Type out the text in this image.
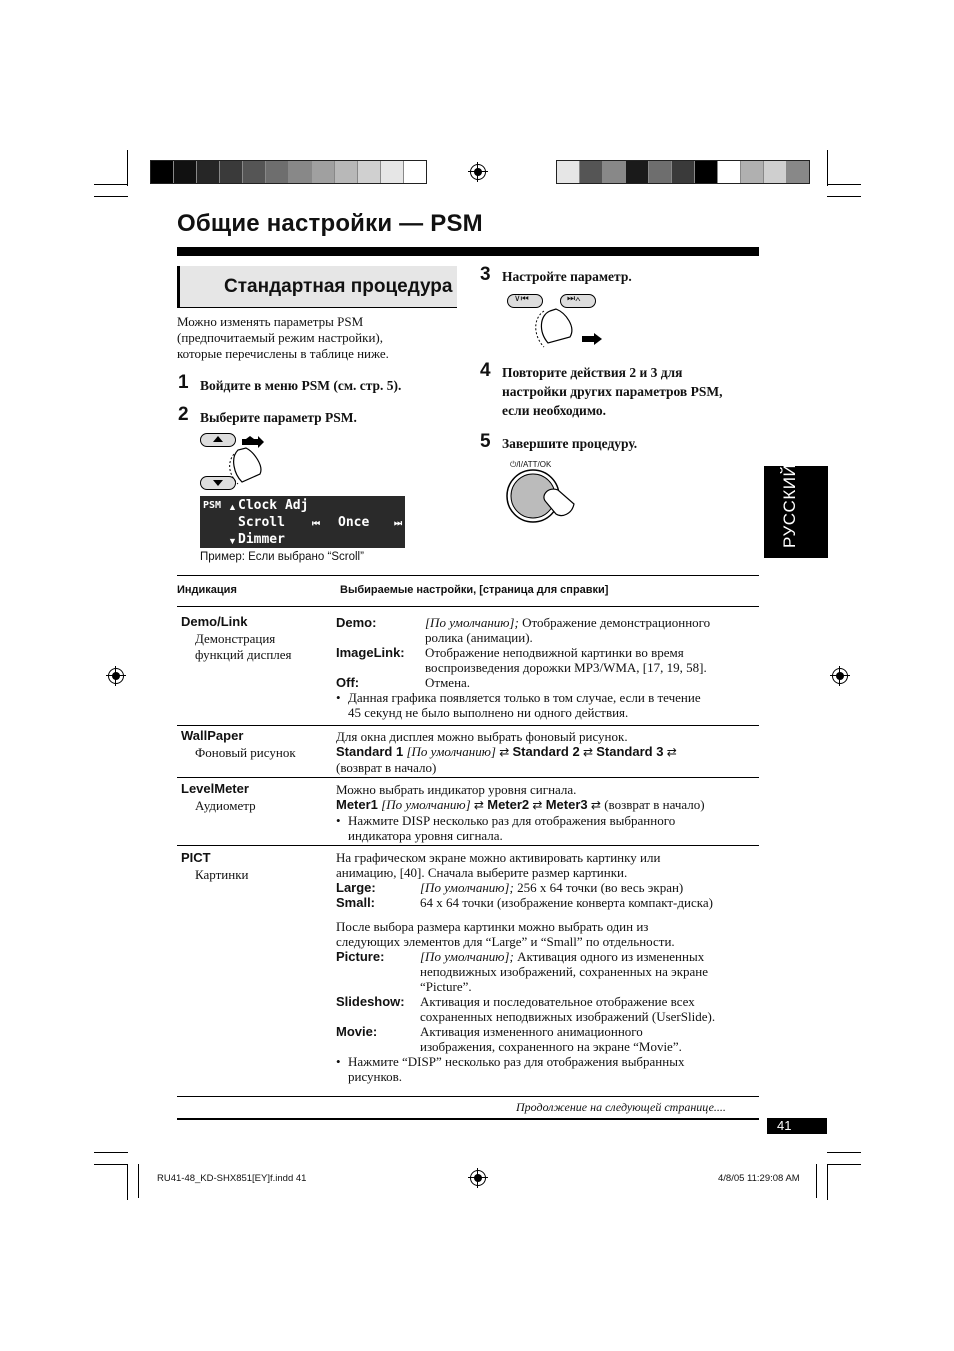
Общие настройки — PSM
Стандартная процедура
Можно изменять параметры PSM
(предпочитаемый режим настройки),
которые перечислены в таблице ниже.
1 Войдите в меню PSM (см. стр. 5).
2 Выберите параметр PSM.
PSM ▲ Clock Adj
Scroll
▼ Dimmer
⏮ Once	⏭
Пример: Если выбрано “Scroll”
3 Настройте параметр.
∨⏮	⏭∧
4 Повторите действия 2 и 3 для
настройки других параметров PSM,
если необходимо.
5 Завершите процедуру.
⏻/I/ATT/OK	РУССКИЙ
Индикация	Выбираемые настройки, [страница для справки]
Demo/Link
Демонстрация
функций дисплея
Demo:	[По умолчанию]; Отображение демонстрационного
ролика (анимации).
ImageLink: Отображение неподвижной картинки во время
воспроизведения дорожки MP3/WMA, [17, 19, 58].
Off:	Отмена.
• Данная графика появляется только в том случае, если в течение
45 секунд не было выполнено ни одного действия.
WallPaper
Фоновый рисунок
Для окна дисплея можно выбрать фоновый рисунок.
Standard 1 [По умолчанию] ⇄ Standard 2 ⇄ Standard 3 ⇄
(возврат в начало)
LevelMeter
Аудиометр
Можно выбрать индикатор уровня сигнала.
Meter1 [По умолчанию] ⇄ Meter2 ⇄ Meter3 ⇄ (возврат в начало)
• Нажмите DISP несколько раз для отображения выбранного
индикатора уровня сигнала.
PICT
Картинки
На графическом экране можно активировать картинку или
анимацию, [40]. Сначала выберите размер картинки.
Large:	[По умолчанию]; 256 x 64 точки (во весь экран)
Small:	64 x 64 точки (изображение конверта компакт-диска)
После выбора размера картинки можно выбрать один из
следующих элементов для “Large” и “Small” по отдельности.
Picture:	[По умолчанию]; Активация одного из измененных
неподвижных изображений, сохраненных на экране
“Picture”.
Slideshow: Активация и последовательное отображение всех
сохраненных неподвижных изображений (UserSlide).
Movie:	Активация измененного анимационного
изображения, сохраненного на экране “Movie”.
• Нажмите “DISP” несколько раз для отображения выбранных
рисунков.
Продолжение на следующей странице....
41
RU41-48_KD-SHX851[EY]f.indd 41	4/8/05 11:29:08 AM
